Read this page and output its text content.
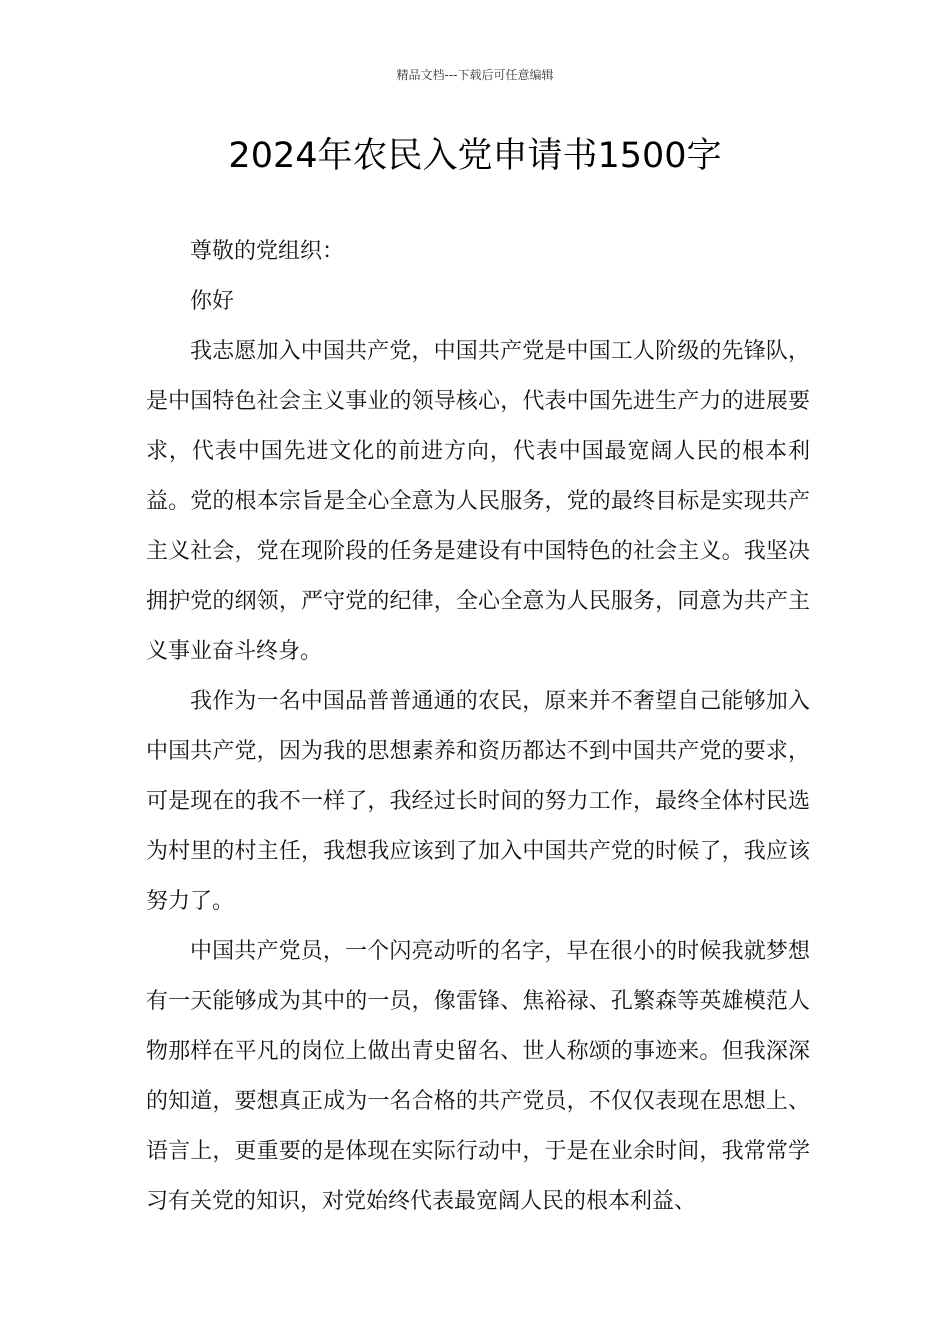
精品文档---下载后可任意编辑
2024年农民入党申请书1500字

尊敬的党组织：

你好

我志愿加入中国共产党，中国共产党是中国工人阶级的先锋队，是中国特色社会主义事业的领导核心，代表中国先进生产力的进展要求，代表中国先进文化的前进方向，代表中国最宽阔人民的根本利益。党的根本宗旨是全心全意为人民服务，党的最终目标是实现共产主义社会，党在现阶段的任务是建设有中国特色的社会主义。我坚决拥护党的纲领，严守党的纪律，全心全意为人民服务，同意为共产主义事业奋斗终身。

我作为一名中国品普普通通的农民，原来并不奢望自己能够加入中国共产党，因为我的思想素养和资历都达不到中国共产党的要求，可是现在的我不一样了，我经过长时间的努力工作，最终全体村民选为村里的村主任，我想我应该到了加入中国共产党的时候了，我应该努力了。

中国共产党员，一个闪亮动听的名字，早在很小的时候我就梦想有一天能够成为其中的一员，像雷锋、焦裕禄、孔繁森等英雄模范人物那样在平凡的岗位上做出青史留名、世人称颂的事迹来。但我深深的知道，要想真正成为一名合格的共产党员，不仅仅表现在思想上、语言上，更重要的是体现在实际行动中，于是在业余时间，我常常学习有关党的知识，对党始终代表最宽阔人民的根本利益、
